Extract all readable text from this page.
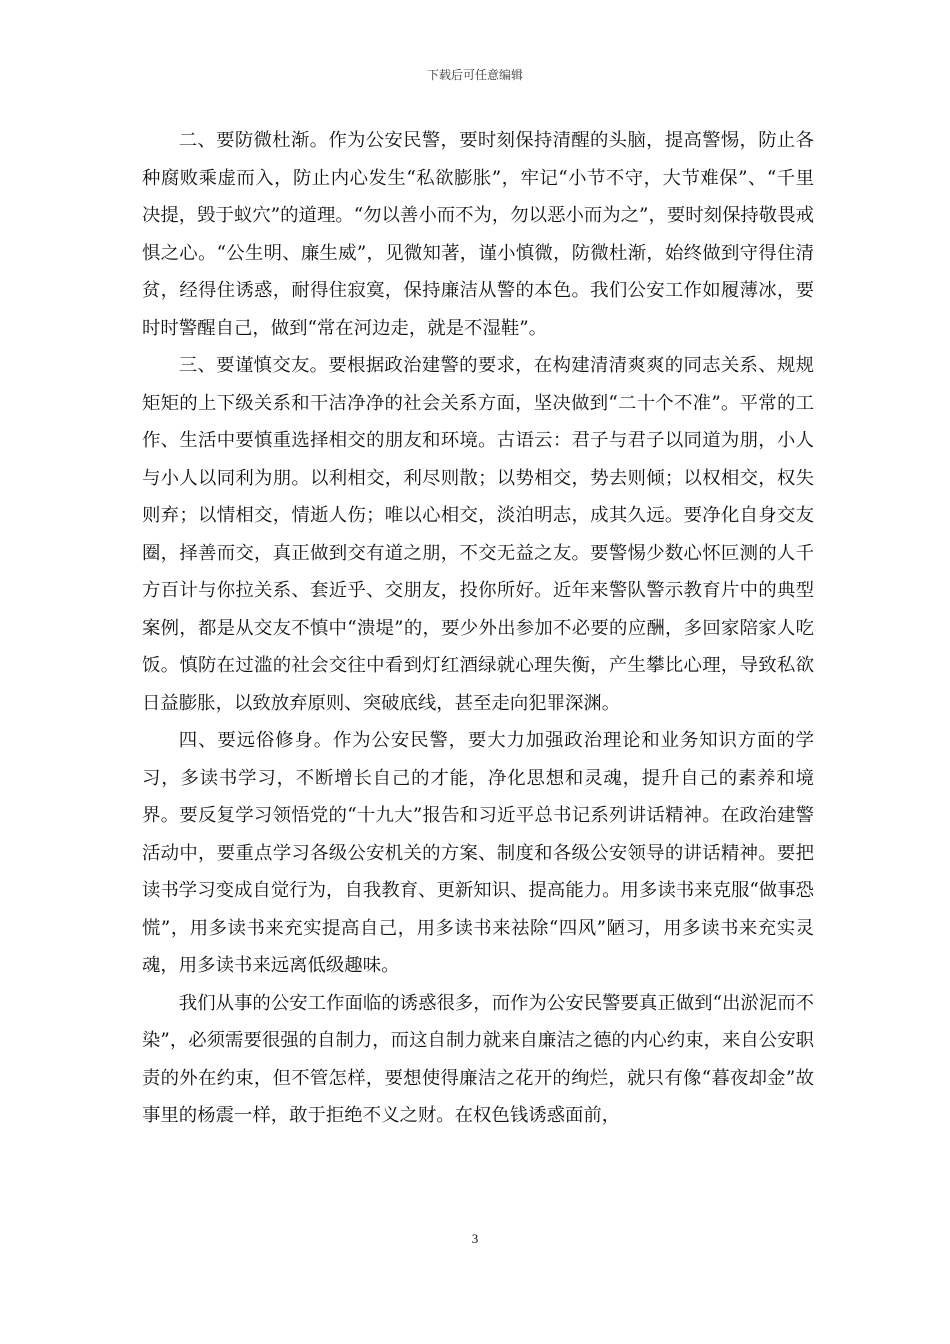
下载后可任意编辑

二、要防微杜渐。作为公安民警，要时刻保持清醒的头脑，提高警惕，防止各种腐败乘虚而入，防止内心发生“私欲膨胀”，牢记“小节不守，大节难保”、“千里决提，毁于蚁穴”的道理。“勿以善小而不为，勿以恶小而为之”，要时刻保持敬畏戒惧之心。“公生明、廉生威”，见微知著，谨小慎微，防微杜渐，始终做到守得住清贫，经得住诱惑，耐得住寂寞，保持廉洁从警的本色。我们公安工作如履薄冰，要时时警醒自己，做到“常在河边走，就是不湿鞋”。

三、要谨慎交友。要根据政治建警的要求，在构建清清爽爽的同志关系、规规矩矩的上下级关系和干洁净净的社会关系方面，坚决做到“二十个不准”。平常的工作、生活中要慎重选择相交的朋友和环境。古语云：君子与君子以同道为朋，小人与小人以同利为朋。以利相交，利尽则散；以势相交，势去则倾；以权相交，权失则弃；以情相交，情逝人伤；唯以心相交，淡泊明志，成其久远。要净化自身交友圈，择善而交，真正做到交有道之朋，不交无益之友。要警惕少数心怀叵测的人千方百计与你拉关系、套近乎、交朋友，投你所好。近年来警队警示教育片中的典型案例，都是从交友不慎中“溃堤”的，要少外出参加不必要的应酬，多回家陪家人吃饭。慎防在过滥的社会交往中看到灯红酒绿就心理失衡，产生攀比心理，导致私欲日益膨胀，以致放弃原则、突破底线，甚至走向犯罪深渊。

四、要远俗修身。作为公安民警，要大力加强政治理论和业务知识方面的学习，多读书学习，不断增长自己的才能，净化思想和灵魂，提升自己的素养和境界。要反复学习领悟党的“十九大”报告和习近平总书记系列讲话精神。在政治建警活动中，要重点学习各级公安机关的方案、制度和各级公安领导的讲话精神。要把读书学习变成自觉行为，自我教育、更新知识、提高能力。用多读书来克服“做事恐慌”，用多读书来充实提高自己，用多读书来祛除“四风”陋习，用多读书来充实灵魂，用多读书来远离低级趣味。

我们从事的公安工作面临的诱惑很多，而作为公安民警要真正做到“出淤泥而不染”，必须需要很强的自制力，而这自制力就来自廉洁之德的内心约束，来自公安职责的外在约束，但不管怎样，要想使得廉洁之花开的绚烂，就只有像“暮夜却金”故事里的杨震一样，敢于拒绝不义之财。在权色钱诱惑面前，

3
